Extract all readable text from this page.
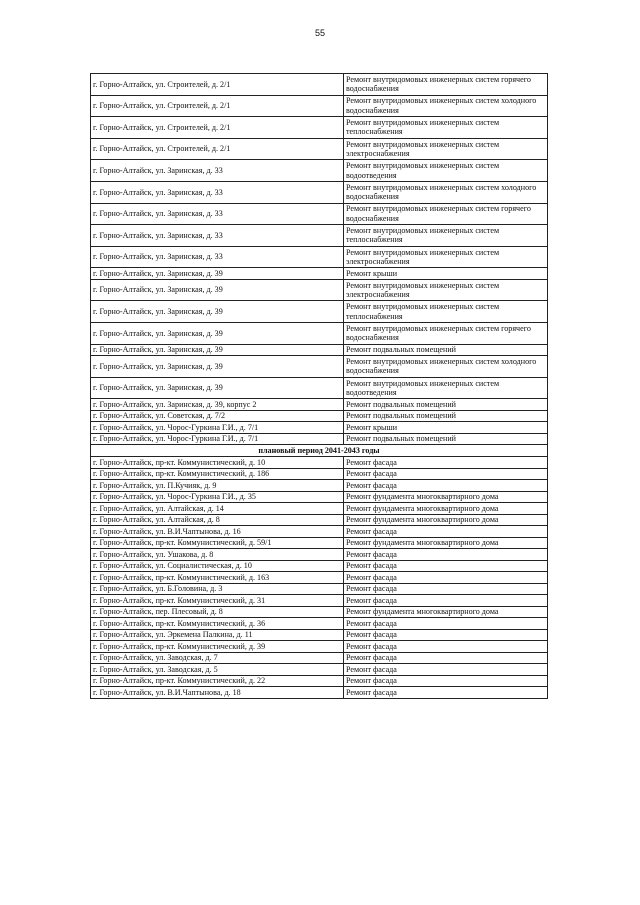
55
г. Горно-Алтайск, ул. Строителей, д. 2/1	Ремонт внутридомовых инженерных систем горячего водоснабжения
г. Горно-Алтайск, ул. Строителей, д. 2/1	Ремонт внутридомовых инженерных систем холодного водоснабжения
г. Горно-Алтайск, ул. Строителей, д. 2/1	Ремонт внутридомовых инженерных систем теплоснабжения
г. Горно-Алтайск, ул. Строителей, д. 2/1	Ремонт внутридомовых инженерных систем электроснабжения
г. Горно-Алтайск, ул. Заринская, д. 33	Ремонт внутридомовых инженерных систем водоотведения
г. Горно-Алтайск, ул. Заринская, д. 33	Ремонт внутридомовых инженерных систем холодного водоснабжения
г. Горно-Алтайск, ул. Заринская, д. 33	Ремонт внутридомовых инженерных систем горячего водоснабжения
г. Горно-Алтайск, ул. Заринская, д. 33	Ремонт внутридомовых инженерных систем теплоснабжения
г. Горно-Алтайск, ул. Заринская, д. 33	Ремонт внутридомовых инженерных систем электроснабжения
г. Горно-Алтайск, ул. Заринская, д. 39	Ремонт крыши
г. Горно-Алтайск, ул. Заринская, д. 39	Ремонт внутридомовых инженерных систем электроснабжения
г. Горно-Алтайск, ул. Заринская, д. 39	Ремонт внутридомовых инженерных систем теплоснабжения
г. Горно-Алтайск, ул. Заринская, д. 39	Ремонт внутридомовых инженерных систем горячего водоснабжения
г. Горно-Алтайск, ул. Заринская, д. 39	Ремонт подвальных помещений
г. Горно-Алтайск, ул. Заринская, д. 39	Ремонт внутридомовых инженерных систем холодного водоснабжения
г. Горно-Алтайск, ул. Заринская, д. 39	Ремонт внутридомовых инженерных систем водоотведения
г. Горно-Алтайск, ул. Заринская, д. 39, корпус 2	Ремонт подвальных помещений
г. Горно-Алтайск, ул. Советская, д. 7/2	Ремонт подвальных помещений
г. Горно-Алтайск, ул. Чорос-Гуркина Г.И., д. 7/1	Ремонт крыши
г. Горно-Алтайск, ул. Чорос-Гуркина Г.И., д. 7/1	Ремонт подвальных помещений
плановый период 2041-2043 годы	
г. Горно-Алтайск, пр-кт. Коммунистический, д. 10	Ремонт фасада
г. Горно-Алтайск, пр-кт. Коммунистический, д. 186	Ремонт фасада
г. Горно-Алтайск, ул. П.Кучияк, д. 9	Ремонт фасада
г. Горно-Алтайск, ул. Чорос-Гуркина Г.И., д. 35	Ремонт фундамента многоквартирного дома
г. Горно-Алтайск, ул. Алтайская, д. 14	Ремонт фундамента многоквартирного дома
г. Горно-Алтайск, ул. Алтайская, д. 8	Ремонт фундамента многоквартирного дома
г. Горно-Алтайск, ул. В.И.Чаптынова, д. 16	Ремонт фасада
г. Горно-Алтайск, пр-кт. Коммунистический, д. 59/1	Ремонт фундамента многоквартирного дома
г. Горно-Алтайск, ул. Ушакова, д. 8	Ремонт фасада
г. Горно-Алтайск, ул. Социалистическая, д. 10	Ремонт фасада
г. Горно-Алтайск, пр-кт. Коммунистический, д. 163	Ремонт фасада
г. Горно-Алтайск, ул. Б.Головина, д. 3	Ремонт фасада
г. Горно-Алтайск, пр-кт. Коммунистический, д. 31	Ремонт фасада
г. Горно-Алтайск, пер. Плесовый, д. 8	Ремонт фундамента многоквартирного дома
г. Горно-Алтайск, пр-кт. Коммунистический, д. 36	Ремонт фасада
г. Горно-Алтайск, ул. Эркемена Палкина, д. 11	Ремонт фасада
г. Горно-Алтайск, пр-кт. Коммунистический, д. 39	Ремонт фасада
г. Горно-Алтайск, ул. Заводская, д. 7	Ремонт фасада
г. Горно-Алтайск, ул. Заводская, д. 5	Ремонт фасада
г. Горно-Алтайск, пр-кт. Коммунистический, д. 22	Ремонт фасада
г. Горно-Алтайск, ул. В.И.Чаптынова, д. 18	Ремонт фасада
